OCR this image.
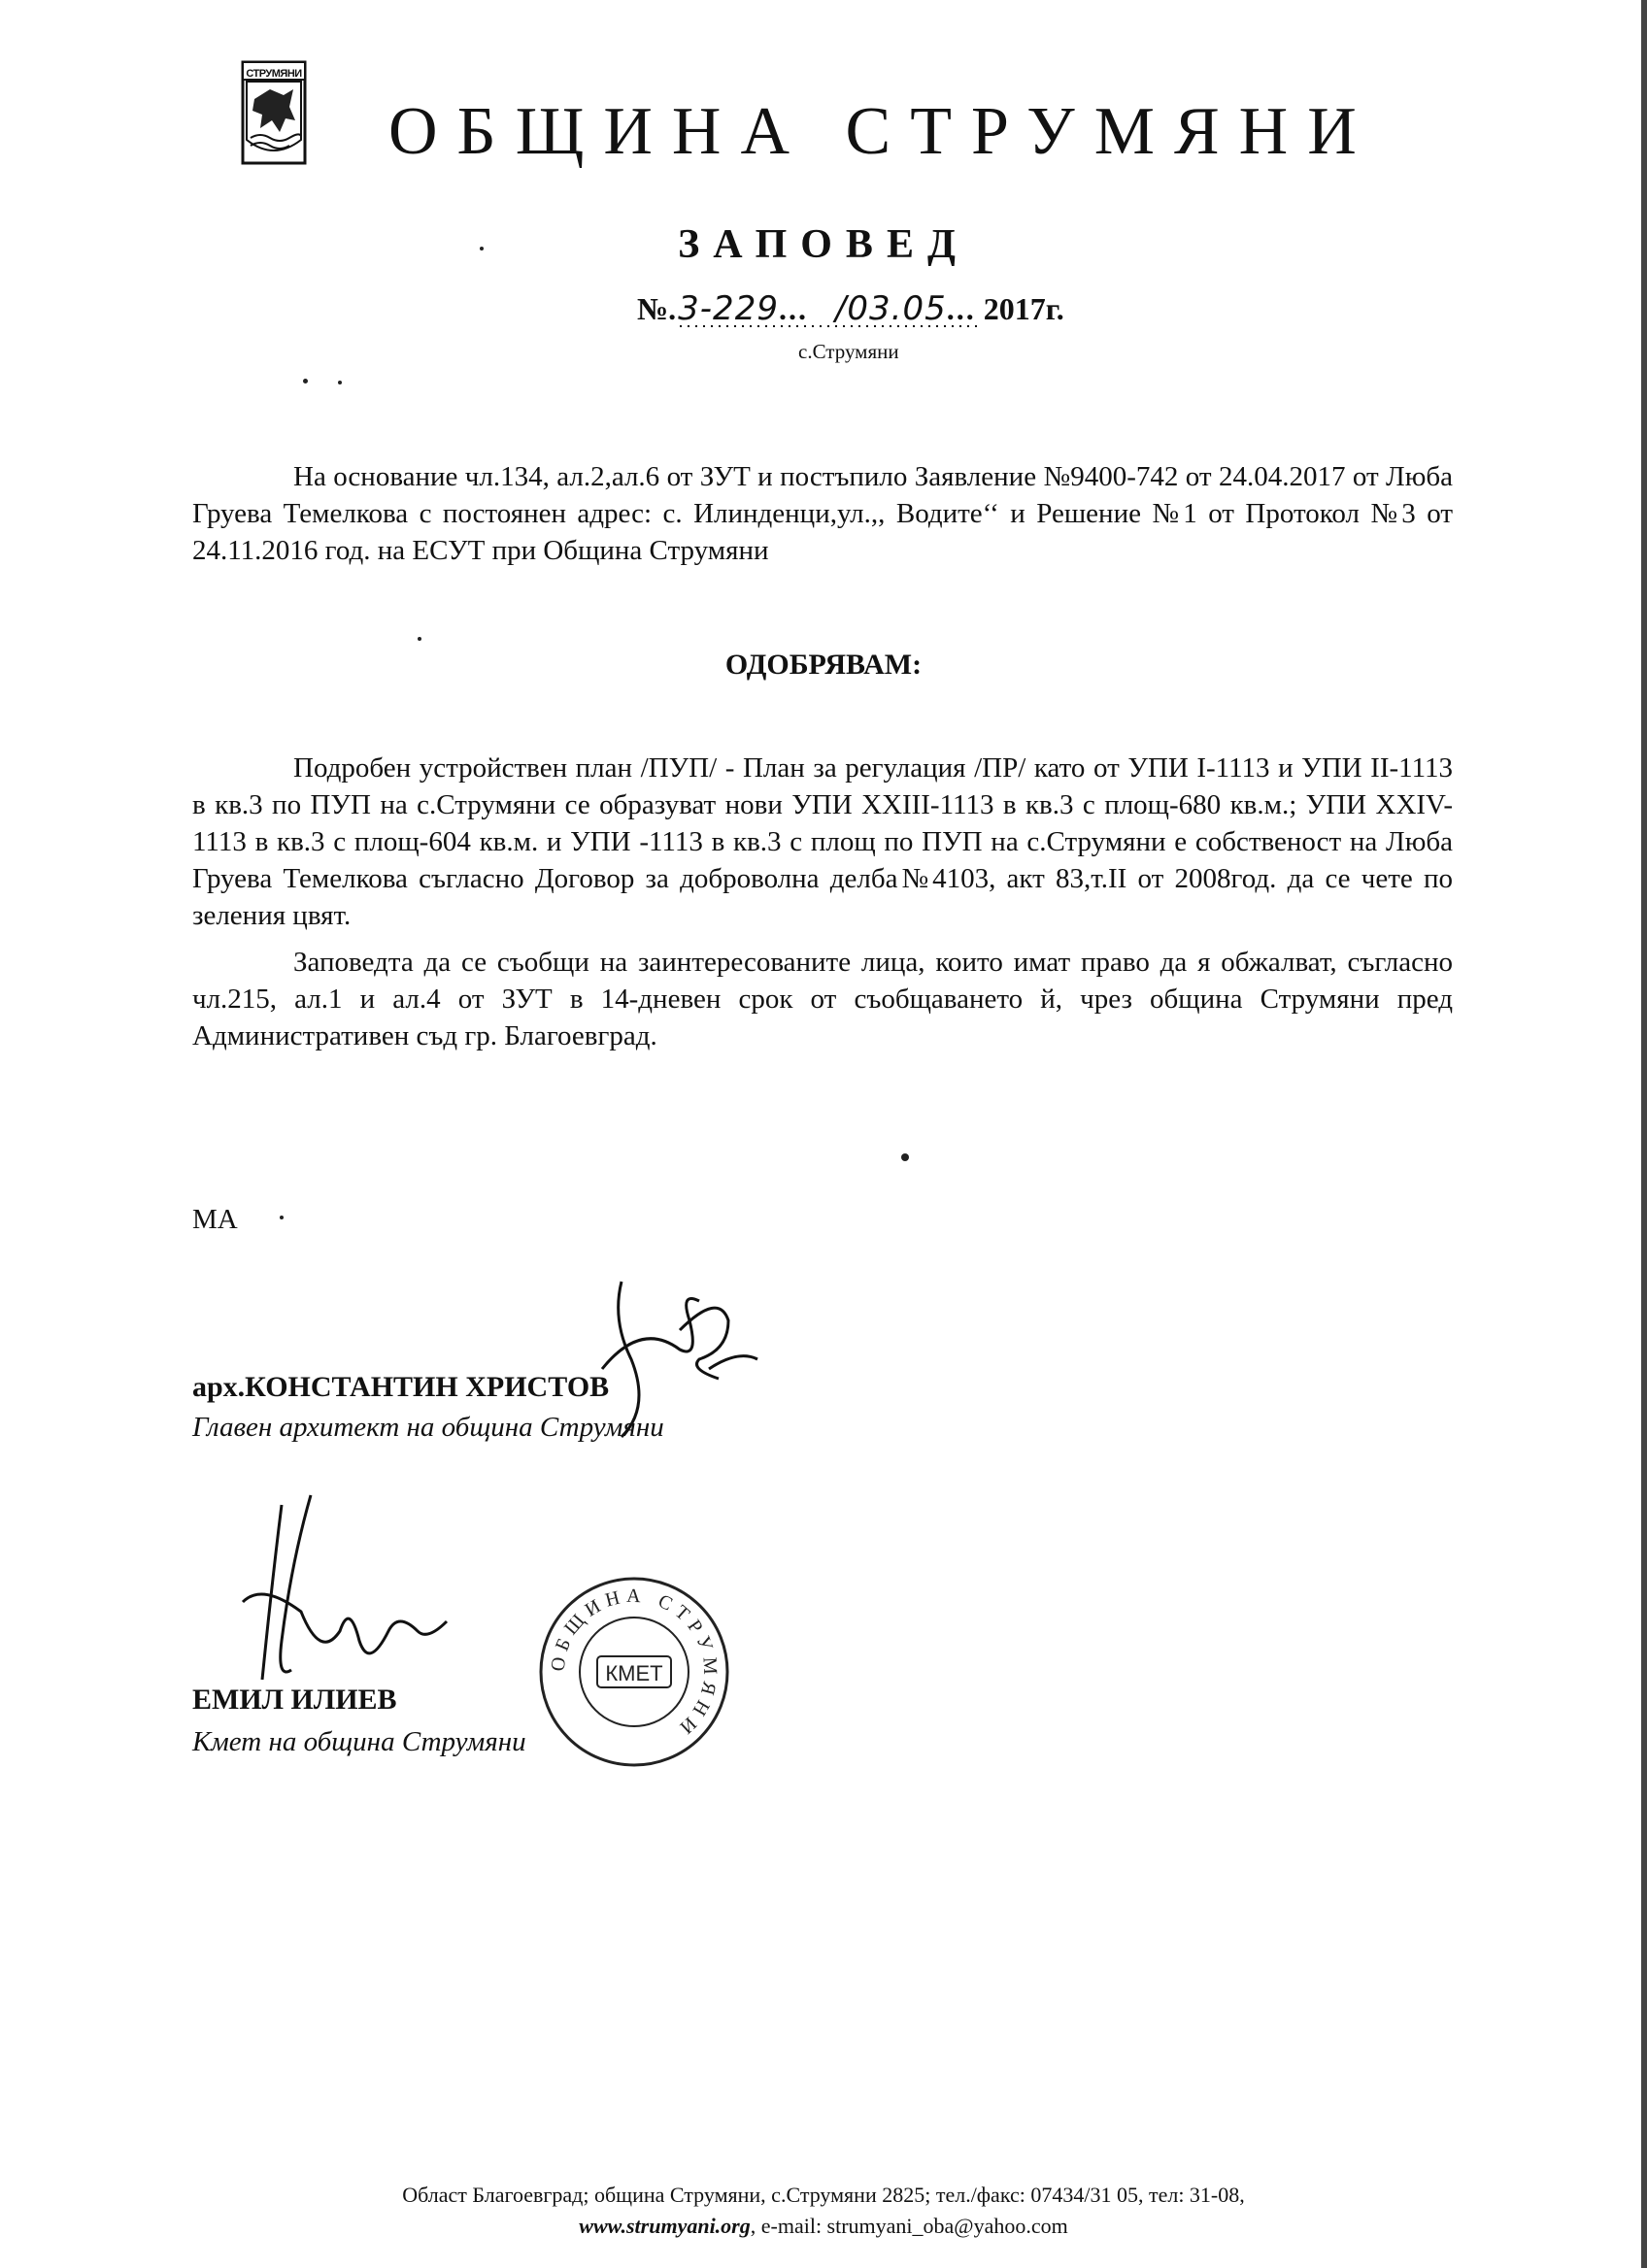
СТРУМЯНИ
ОБЩИНА СТРУМЯНИ
ЗАПОВЕД
№.3-229... /03.05... 2017г.
с.Струмяни

На основание чл.134, ал.2,ал.6 от ЗУТ и постъпило Заявление №9400-742 от 24.04.2017 от Люба Груева Темелкова с постоянен адрес: с. Илинденци,ул.,, Водите‘‘ и Решение №1 от Протокол №3 от 24.11.2016 год. на ЕСУТ при Община Струмяни

ОДОБРЯВАМ:

Подробен устройствен план /ПУП/ - План за регулация /ПР/ като от УПИ I-1113 и УПИ II-1113 в кв.3 по ПУП на с.Струмяни се образуват нови УПИ XXIII-1113 в кв.3 с площ-680 кв.м.; УПИ XXIV-1113 в кв.3 с площ-604 кв.м. и УПИ -1113 в кв.3 с площ по ПУП на с.Струмяни е собственост на Люба Груева Темелкова съгласно Договор за доброволна делба№4103, акт 83,т.II от 2008год. да се чете по зеления цвят.

Заповедта да се съобщи на заинтересованите лица, които имат право да я обжалват, съгласно чл.215, ал.1 и ал.4 от ЗУТ в 14-дневен срок от съобщаването й, чрез община Струмяни пред Административен съд гр. Благоевград.

МА
арх.КОНСТАНТИН ХРИСТОВ
Главен архитект на община Струмяни
ЕМИЛ ИЛИЕВ
Кмет на община Струмяни
ОБЩИНА СТРУМЯНИ
КМЕТ
Област Благоевград; община Струмяни, с.Струмяни 2825; тел./факс: 07434/31 05, тел: 31-08,
www.strumyani.org, e-mail: strumyani_oba@yahoo.com
